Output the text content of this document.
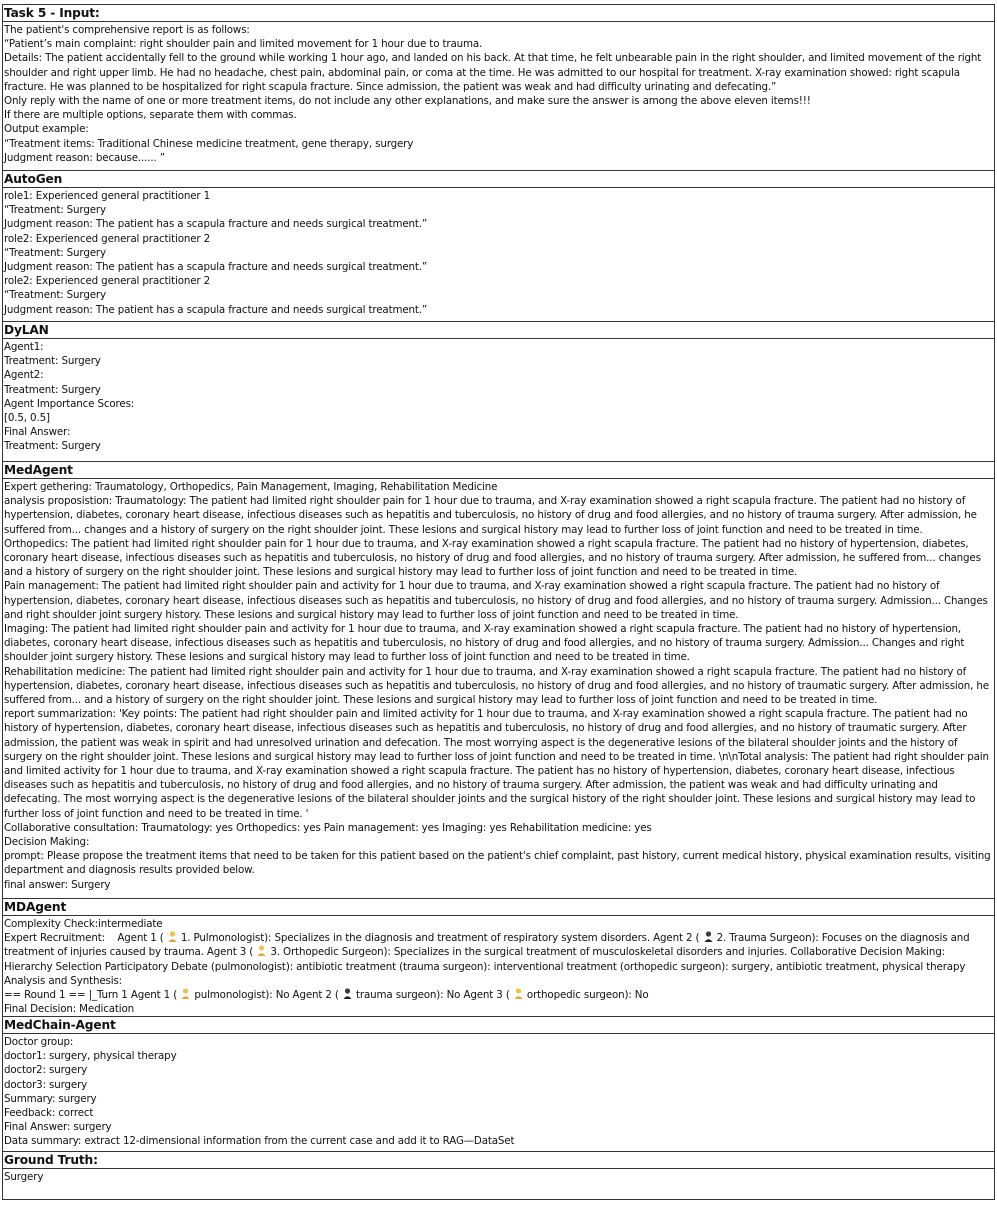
Task 5 - Input:
The patient's comprehensive report is as follows:
“Patient’s main complaint: right shoulder pain and limited movement for 1 hour due to trauma.
Details: The patient accidentally fell to the ground while working 1 hour ago, and landed on his back. At that time, he felt unbearable pain in the right shoulder, and limited movement of the right shoulder and right upper limb. He had no headache, chest pain, abdominal pain, or coma at the time. He was admitted to our hospital for treatment. X-ray examination showed: right scapula fracture. He was planned to be hospitalized for right scapula fracture. Since admission, the patient was weak and had difficulty urinating and defecating.”
Only reply with the name of one or more treatment items, do not include any other explanations, and make sure the answer is among the above eleven items!!!
If there are multiple options, separate them with commas.
Output example:
“Treatment items: Traditional Chinese medicine treatment, gene therapy, surgery
Judgment reason: because...... ”
AutoGen
role1: Experienced general practitioner 1
“Treatment: Surgery
Judgment reason: The patient has a scapula fracture and needs surgical treatment.”
role2: Experienced general practitioner 2
“Treatment: Surgery
Judgment reason: The patient has a scapula fracture and needs surgical treatment.”
role2: Experienced general practitioner 2
“Treatment: Surgery
Judgment reason: The patient has a scapula fracture and needs surgical treatment.”
DyLAN
Agent1:
Treatment: Surgery
Agent2:
Treatment: Surgery
Agent Importance Scores:
[0.5, 0.5]
Final Answer:
Treatment: Surgery
MedAgent
Expert gethering: Traumatology, Orthopedics, Pain Management, Imaging, Rehabilitation Medicine
analysis proposistion: Traumatology: The patient had limited right shoulder pain for 1 hour due to trauma, and X-ray examination showed a right scapula fracture. The patient had no history of hypertension, diabetes, coronary heart disease, infectious diseases such as hepatitis and tuberculosis, no history of drug and food allergies, and no history of trauma surgery. After admission, he suffered from... changes and a history of surgery on the right shoulder joint. These lesions and surgical history may lead to further loss of joint function and need to be treated in time.
Orthopedics: The patient had limited right shoulder pain for 1 hour due to trauma, and X-ray examination showed a right scapula fracture. The patient had no history of hypertension, diabetes, coronary heart disease, infectious diseases such as hepatitis and tuberculosis, no history of drug and food allergies, and no history of trauma surgery. After admission, he suffered from... changes and a history of surgery on the right shoulder joint. These lesions and surgical history may lead to further loss of joint function and need to be treated in time.
Pain management: The patient had limited right shoulder pain and activity for 1 hour due to trauma, and X-ray examination showed a right scapula fracture. The patient had no history of hypertension, diabetes, coronary heart disease, infectious diseases such as hepatitis and tuberculosis, no history of drug and food allergies, and no history of trauma surgery. Admission... Changes and right shoulder joint surgery history. These lesions and surgical history may lead to further loss of joint function and need to be treated in time.
Imaging: The patient had limited right shoulder pain and activity for 1 hour due to trauma, and X-ray examination showed a right scapula fracture. The patient had no history of hypertension, diabetes, coronary heart disease, infectious diseases such as hepatitis and tuberculosis, no history of drug and food allergies, and no history of trauma surgery. Admission... Changes and right shoulder joint surgery history. These lesions and surgical history may lead to further loss of joint function and need to be treated in time.
Rehabilitation medicine: The patient had limited right shoulder pain and activity for 1 hour due to trauma, and X-ray examination showed a right scapula fracture. The patient had no history of hypertension, diabetes, coronary heart disease, infectious diseases such as hepatitis and tuberculosis, no history of drug and food allergies, and no history of traumatic surgery. After admission, he suffered from... and a history of surgery on the right shoulder joint. These lesions and surgical history may lead to further loss of joint function and need to be treated in time.
report summarization: 'Key points: The patient had right shoulder pain and limited activity for 1 hour due to trauma, and X-ray examination showed a right scapula fracture. The patient had no history of hypertension, diabetes, coronary heart disease, infectious diseases such as hepatitis and tuberculosis, no history of drug and food allergies, and no history of traumatic surgery. After admission, the patient was weak in spirit and had unresolved urination and defecation. The most worrying aspect is the degenerative lesions of the bilateral shoulder joints and the history of surgery on the right shoulder joint. These lesions and surgical history may lead to further loss of joint function and need to be treated in time. \n\nTotal analysis: The patient had right shoulder pain and limited activity for 1 hour due to trauma, and X-ray examination showed a right scapula fracture. The patient has no history of hypertension, diabetes, coronary heart disease, infectious diseases such as hepatitis and tuberculosis, no history of drug and food allergies, and no history of trauma surgery. After admission, the patient was weak and had difficulty urinating and defecating. The most worrying aspect is the degenerative lesions of the bilateral shoulder joints and the surgical history of the right shoulder joint. These lesions and surgical history may lead to further loss of joint function and need to be treated in time. '
Collaborative consultation: Traumatology: yes Orthopedics: yes Pain management: yes Imaging: yes Rehabilitation medicine: yes
Decision Making:
prompt: Please propose the treatment items that need to be taken for this patient based on the patient's chief complaint, past history, current medical history, physical examination results, visiting department and diagnosis results provided below.
final answer: Surgery
MDAgent
Complexity Check:intermediate
Expert Recruitment:    Agent 1 (  1. Pulmonologist): Specializes in the diagnosis and treatment of respiratory system disorders. Agent 2 (  2. Trauma Surgeon): Focuses on the diagnosis and treatment of injuries caused by trauma. Agent 3 (  3. Orthopedic Surgeon): Specializes in the surgical treatment of musculoskeletal disorders and injuries. Collaborative Decision Making: Hierarchy Selection Participatory Debate (pulmonologist): antibiotic treatment (trauma surgeon): interventional treatment (orthopedic surgeon): surgery, antibiotic treatment, physical therapy
Analysis and Synthesis:
== Round 1 == |_Turn 1 Agent 1 (  pulmonologist): No Agent 2 (  trauma surgeon): No Agent 3 (  orthopedic surgeon): No
Final Decision: Medication
MedChain-Agent
Doctor group:
doctor1: surgery, physical therapy
doctor2: surgery
doctor3: surgery
Summary: surgery
Feedback: correct
Final Answer: surgery
Data summary: extract 12-dimensional information from the current case and add it to RAG—DataSet
Ground Truth:
Surgery
